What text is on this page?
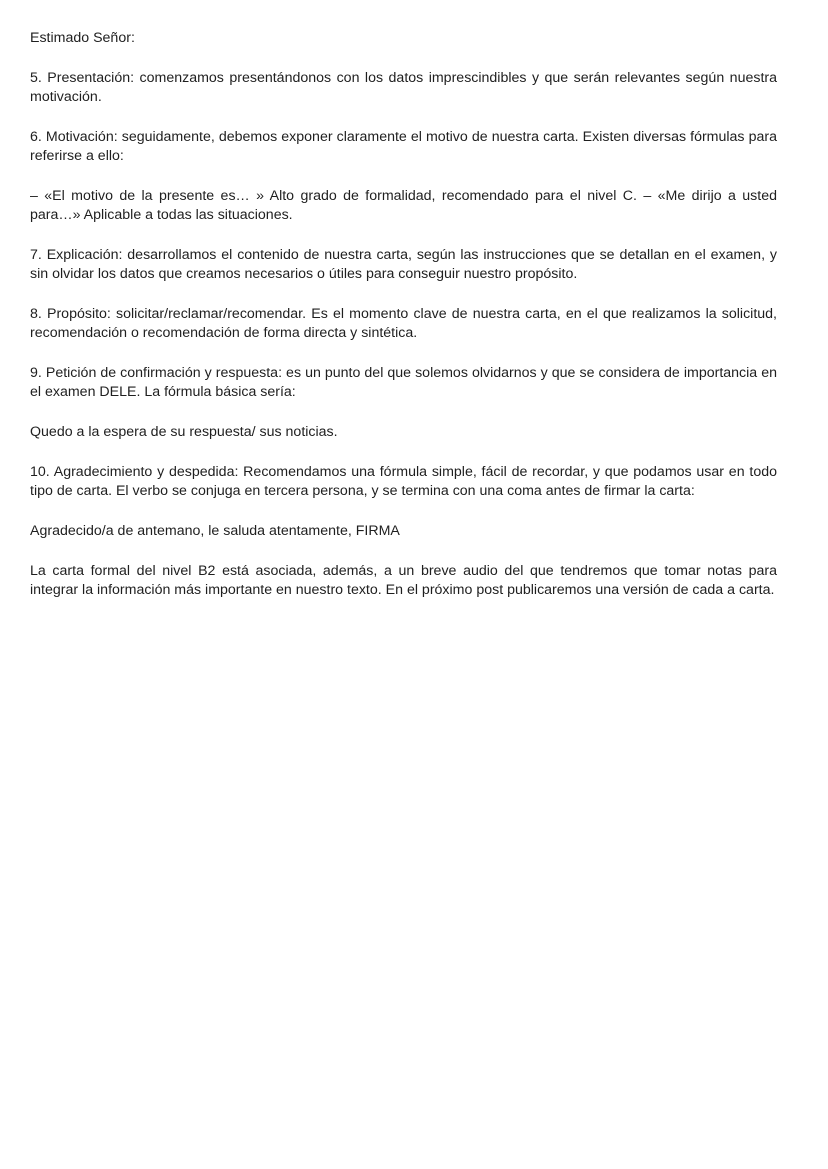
Estimado Señor:

5. Presentación: comenzamos presentándonos con los datos imprescindibles y que serán relevantes según nuestra motivación.

6. Motivación: seguidamente, debemos exponer claramente el motivo de nuestra carta. Existen diversas fórmulas para referirse a ello:

– «El motivo de la presente es… » Alto grado de formalidad, recomendado para el nivel C. – «Me dirijo a usted para…» Aplicable a todas las situaciones.

7. Explicación: desarrollamos el contenido de nuestra carta, según las instrucciones que se detallan en el examen, y sin olvidar los datos que creamos necesarios o útiles para conseguir nuestro propósito.

8. Propósito: solicitar/reclamar/recomendar. Es el momento clave de nuestra carta, en el que realizamos la solicitud, recomendación o recomendación de forma directa y sintética.

9. Petición de confirmación y respuesta: es un punto del que solemos olvidarnos y que se considera de importancia en el examen DELE. La fórmula básica sería:

Quedo a la espera de su respuesta/ sus noticias.

10. Agradecimiento y despedida: Recomendamos una fórmula simple, fácil de recordar, y que podamos usar en todo tipo de carta. El verbo se conjuga en tercera persona, y se termina con una coma antes de firmar la carta:

Agradecido/a de antemano, le saluda atentamente, FIRMA

La carta formal del nivel B2 está asociada, además, a un breve audio del que tendremos que tomar notas para integrar la información más importante en nuestro texto. En el próximo post publicaremos una versión de cada a carta.
